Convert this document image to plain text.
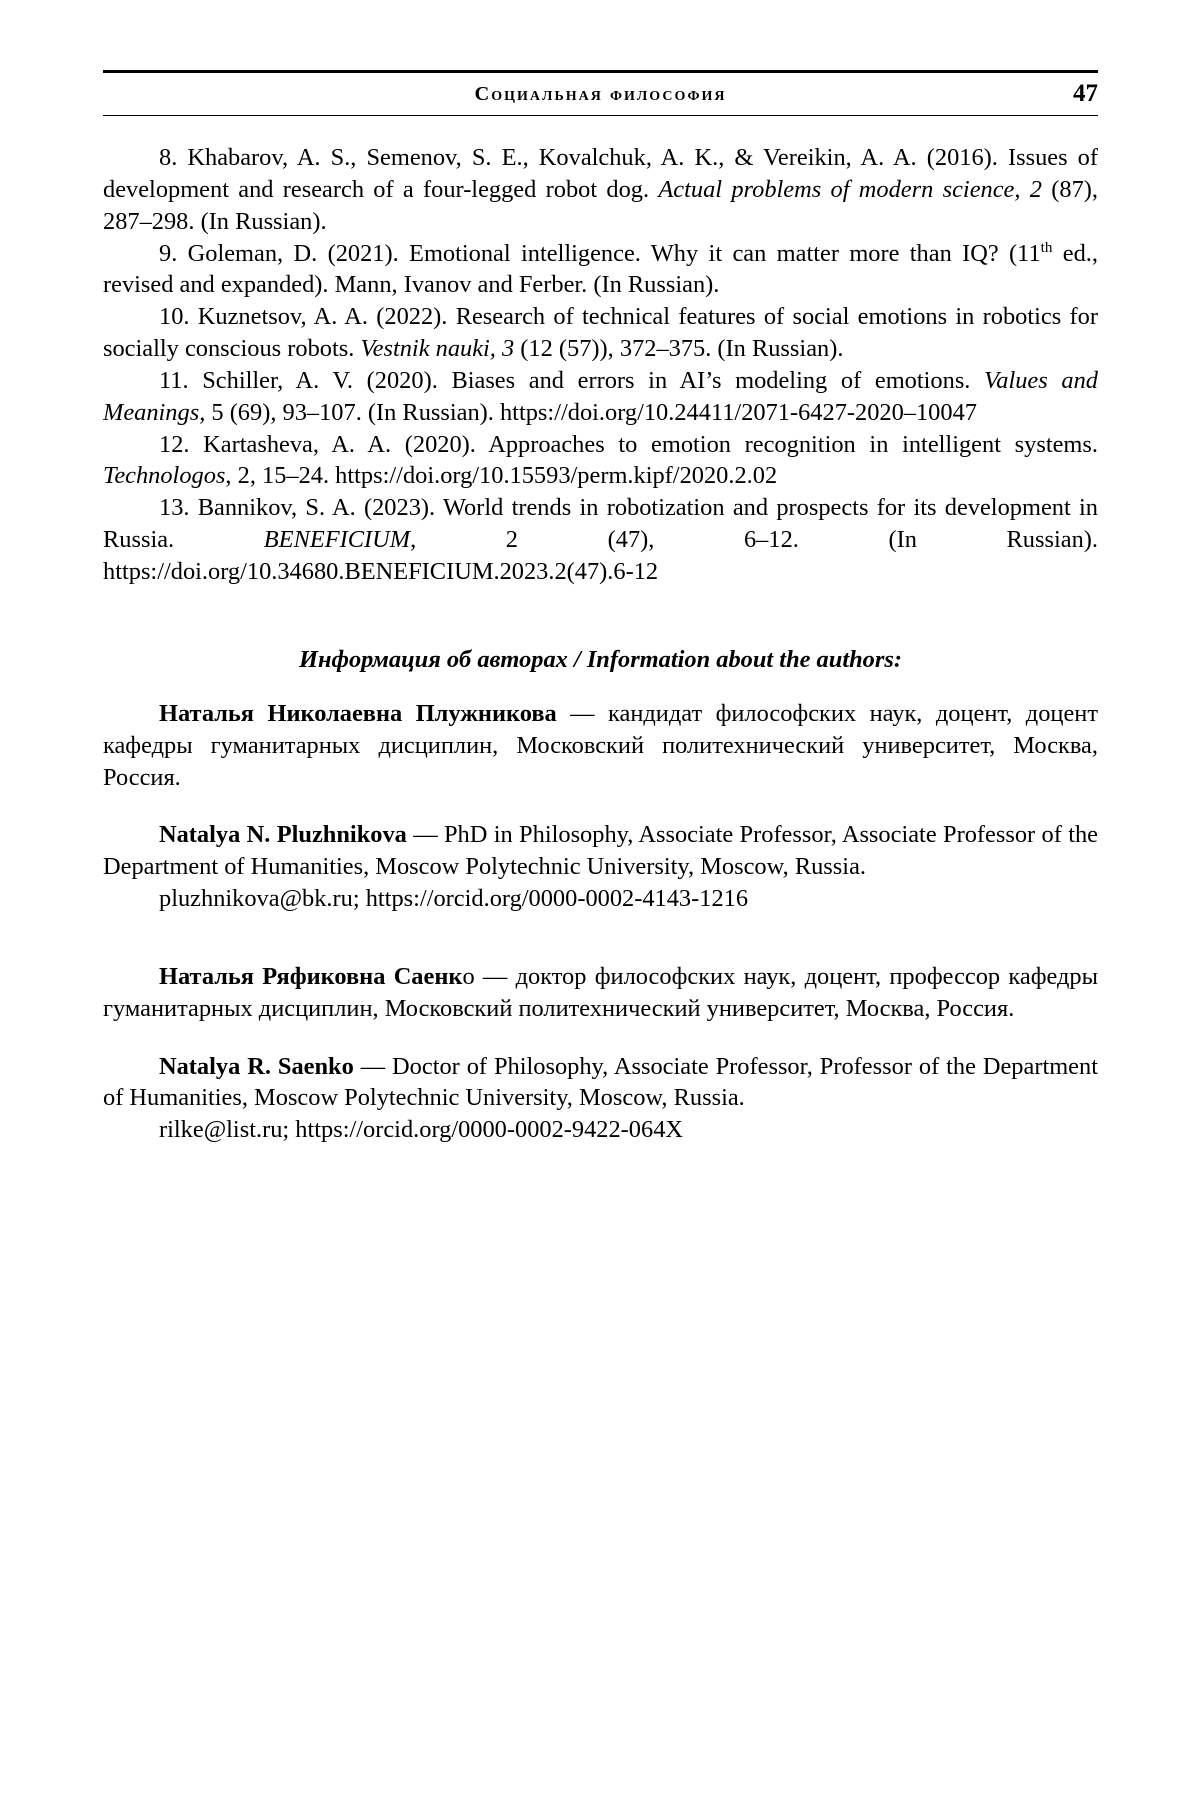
Социальная философия	47

8. Khabarov, A. S., Semenov, S. E., Kovalchuk, A. K., & Vereikin, A. A. (2016). Issues of development and research of a four-legged robot dog. Actual problems of modern science, 2 (87), 287–298. (In Russian).

9. Goleman, D. (2021). Emotional intelligence. Why it can matter more than IQ? (11th ed., revised and expanded). Mann, Ivanov and Ferber. (In Russian).

10. Kuznetsov, A. A. (2022). Research of technical features of social emotions in robotics for socially conscious robots. Vestnik nauki, 3 (12 (57)), 372–375. (In Russian).

11. Schiller, A. V. (2020). Biases and errors in AI’s modeling of emotions. Values and Meanings, 5 (69), 93–107. (In Russian). https://doi.org/10.24411/2071-6427-2020–10047

12. Kartasheva, A. A. (2020). Approaches to emotion recognition in intelligent systems. Technologos, 2, 15–24. https://doi.org/10.15593/perm.kipf/2020.2.02

13. Bannikov, S. A. (2023). World trends in robotization and prospects for its development in Russia. BENEFICIUM, 2 (47), 6–12. (In Russian). https://doi.org/10.34680.BENEFICIUM.2023.2(47).6-12

Информация об авторах / Information about the authors:

Наталья Николаевна Плужникова — кандидат философских наук, доцент, доцент кафедры гуманитарных дисциплин, Московский политехнический университет, Москва, Россия.

Natalya N. Pluzhnikova — PhD in Philosophy, Associate Professor, Associate Professor of the Department of Humanities, Moscow Polytechnic University, Moscow, Russia.

pluzhnikova@bk.ru; https://orcid.org/0000-0002-4143-1216

Наталья Ряфиковна Саенко — доктор философских наук, доцент, профессор кафедры гуманитарных дисциплин, Московский политехнический университет, Москва, Россия.

Natalya R. Saenko — Doctor of Philosophy, Associate Professor, Professor of the Department of Humanities, Moscow Polytechnic University, Moscow, Russia.

rilke@list.ru; https://orcid.org/0000-0002-9422-064X
